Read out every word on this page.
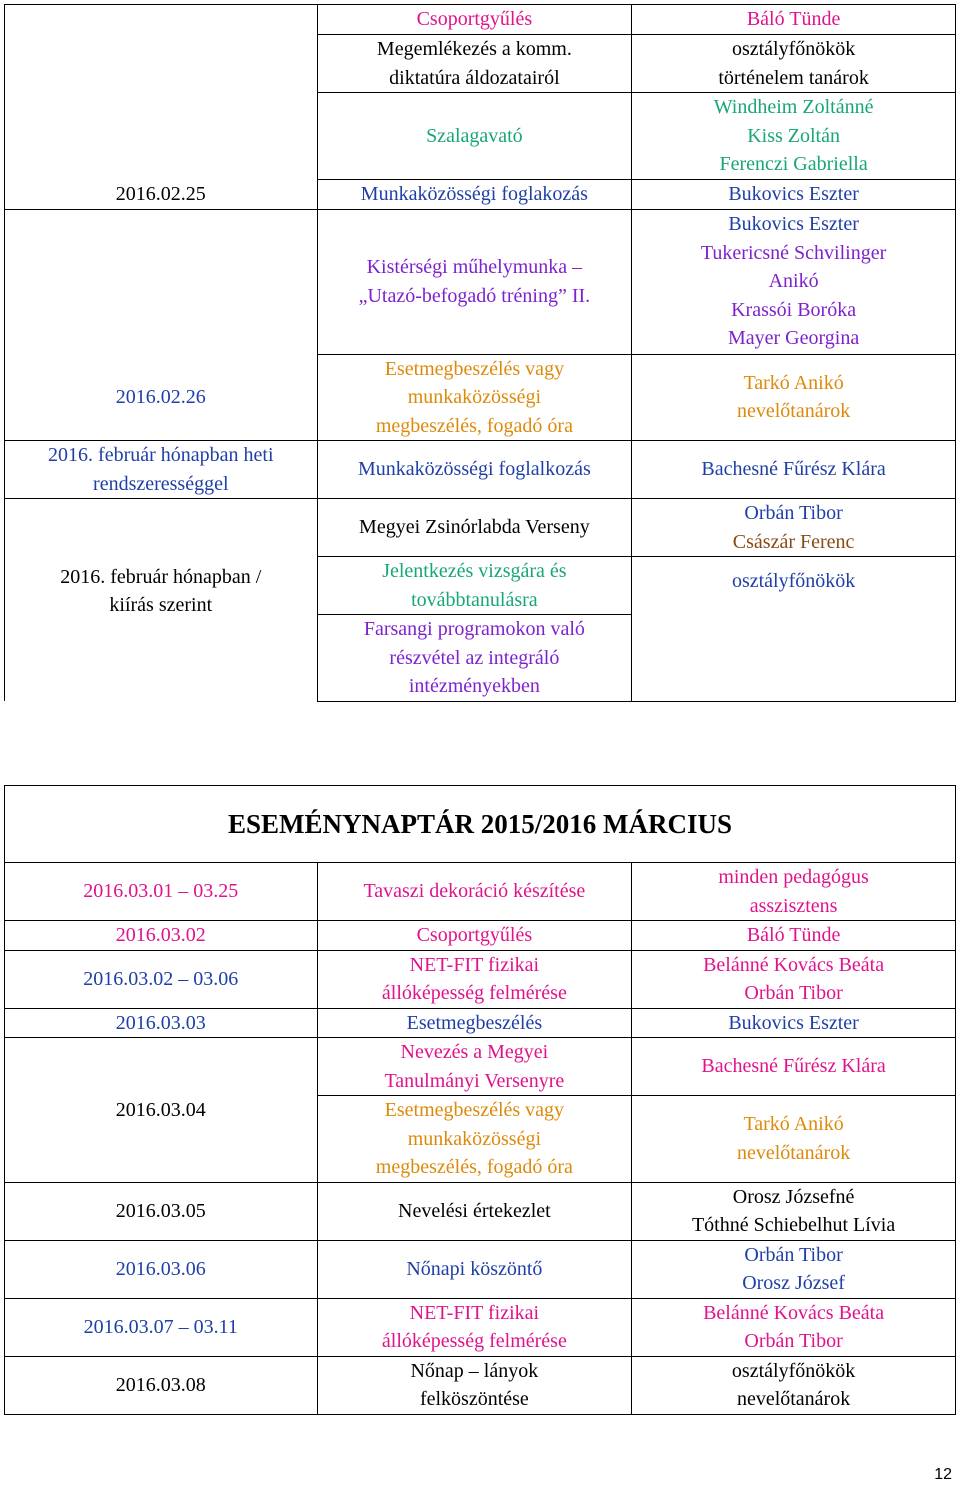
	Csoportgyűlés	Báló Tünde

	Megemlékezés a komm.
diktatúra áldozatairól	osztályfőnökök
történelem tanárok

	Szalagavató	Windheim Zoltánné
Kiss Zoltán
Ferenczi Gabriella

2016.02.25	Munkaközösségi foglakozás	Bukovics Eszter

	Kistérségi műhelymunka –
„Utazó-befogadó tréning” II.	Bukovics Eszter
Tukericsné Schvilinger
Anikó
Krassói Boróka
Mayer Georgina

2016.02.26	Esetmegbeszélés vagy
munkaközösségi
megbeszélés, fogadó óra	Tarkó Anikó
nevelőtanárok

2016. február hónapban heti
rendszerességgel	Munkaközösségi foglalkozás	Bachesné Fűrész Klára
	Megyei Zsinórlabda Verseny	Orbán Tibor
Császár Ferenc

2016. február hónapban /
kiírás szerint	Jelentkezés vizsgára és
továbbtanulásra	osztályfőnökök

	Farsangi programokon való
részvétel az integráló
intézményekben	
ESEMÉNYNAPTÁR 2015/2016 MÁRCIUS		
2016.03.01 – 03.25	Tavaszi dekoráció készítése	minden pedagógus
asszisztens

2016.03.02	Csoportgyűlés	Báló Tünde
2016.03.02 – 03.06	NET-FIT fizikai
állóképesség felmérése	Belánné Kovács Beáta
Orbán Tibor

2016.03.03	Esetmegbeszélés	Bukovics Eszter
2016.03.04	Nevezés a Megyei
Tanulmányi Versenyre	Bachesné Fűrész Klára

	Esetmegbeszélés vagy
munkaközösségi
megbeszélés, fogadó óra	Tarkó Anikó
nevelőtanárok

2016.03.05	Nevelési értekezlet	Orosz Józsefné
Tóthné Schiebelhut Lívia

2016.03.06	Nőnapi köszöntő	Orbán Tibor
Orosz József

2016.03.07 – 03.11	NET-FIT fizikai
állóképesség felmérése	Belánné Kovács Beáta
Orbán Tibor

2016.03.08	Nőnap – lányok
felköszöntése	osztályfőnökök
nevelőtanárok
12
